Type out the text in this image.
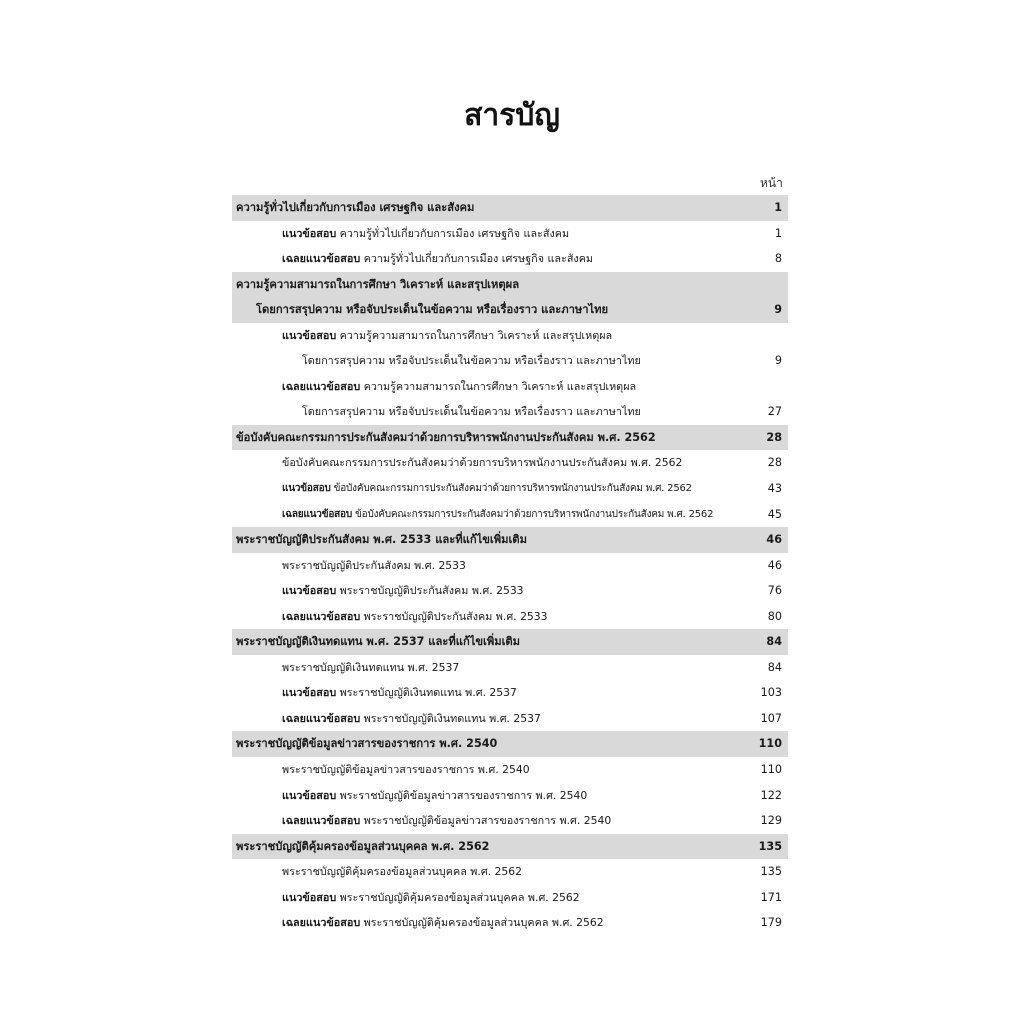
สารบัญ
หน้า
ความรู้ทั่วไปเกี่ยวกับการเมือง เศรษฐกิจ และสังคม	1
แนวข้อสอบ ความรู้ทั่วไปเกี่ยวกับการเมือง เศรษฐกิจ และสังคม	1
เฉลยแนวข้อสอบ ความรู้ทั่วไปเกี่ยวกับการเมือง เศรษฐกิจ และสังคม	8
ความรู้ความสามารถในการศึกษา วิเคราะห์ และสรุปเหตุผล
โดยการสรุปความ หรือจับประเด็นในข้อความ หรือเรื่องราว และภาษาไทย	9
แนวข้อสอบ ความรู้ความสามารถในการศึกษา วิเคราะห์ และสรุปเหตุผล
โดยการสรุปความ หรือจับประเด็นในข้อความ หรือเรื่องราว และภาษาไทย	9
เฉลยแนวข้อสอบ ความรู้ความสามารถในการศึกษา วิเคราะห์ และสรุปเหตุผล
โดยการสรุปความ หรือจับประเด็นในข้อความ หรือเรื่องราว และภาษาไทย	27
ข้อบังคับคณะกรรมการประกันสังคมว่าด้วยการบริหารพนักงานประกันสังคม พ.ศ. 2562	28
ข้อบังคับคณะกรรมการประกันสังคมว่าด้วยการบริหารพนักงานประกันสังคม พ.ศ. 2562	28
แนวข้อสอบ ข้อบังคับคณะกรรมการประกันสังคมว่าด้วยการบริหารพนักงานประกันสังคม พ.ศ. 2562	43
เฉลยแนวข้อสอบ ข้อบังคับคณะกรรมการประกันสังคมว่าด้วยการบริหารพนักงานประกันสังคม พ.ศ. 2562	45
พระราชบัญญัติประกันสังคม พ.ศ. 2533 และที่แก้ไขเพิ่มเติม	46
พระราชบัญญัติประกันสังคม พ.ศ. 2533	46
แนวข้อสอบ พระราชบัญญัติประกันสังคม พ.ศ. 2533	76
เฉลยแนวข้อสอบ พระราชบัญญัติประกันสังคม พ.ศ. 2533	80
พระราชบัญญัติเงินทดแทน พ.ศ. 2537 และที่แก้ไขเพิ่มเติม	84
พระราชบัญญัติเงินทดแทน พ.ศ. 2537	84
แนวข้อสอบ พระราชบัญญัติเงินทดแทน พ.ศ. 2537	103
เฉลยแนวข้อสอบ พระราชบัญญัติเงินทดแทน พ.ศ. 2537	107
พระราชบัญญัติข้อมูลข่าวสารของราชการ พ.ศ. 2540	110
พระราชบัญญัติข้อมูลข่าวสารของราชการ พ.ศ. 2540	110
แนวข้อสอบ พระราชบัญญัติข้อมูลข่าวสารของราชการ พ.ศ. 2540	122
เฉลยแนวข้อสอบ พระราชบัญญัติข้อมูลข่าวสารของราชการ พ.ศ. 2540	129
พระราชบัญญัติคุ้มครองข้อมูลส่วนบุคคล พ.ศ. 2562	135
พระราชบัญญัติคุ้มครองข้อมูลส่วนบุคคล พ.ศ. 2562	135
แนวข้อสอบ พระราชบัญญัติคุ้มครองข้อมูลส่วนบุคคล พ.ศ. 2562	171
เฉลยแนวข้อสอบ พระราชบัญญัติคุ้มครองข้อมูลส่วนบุคคล พ.ศ. 2562	179
